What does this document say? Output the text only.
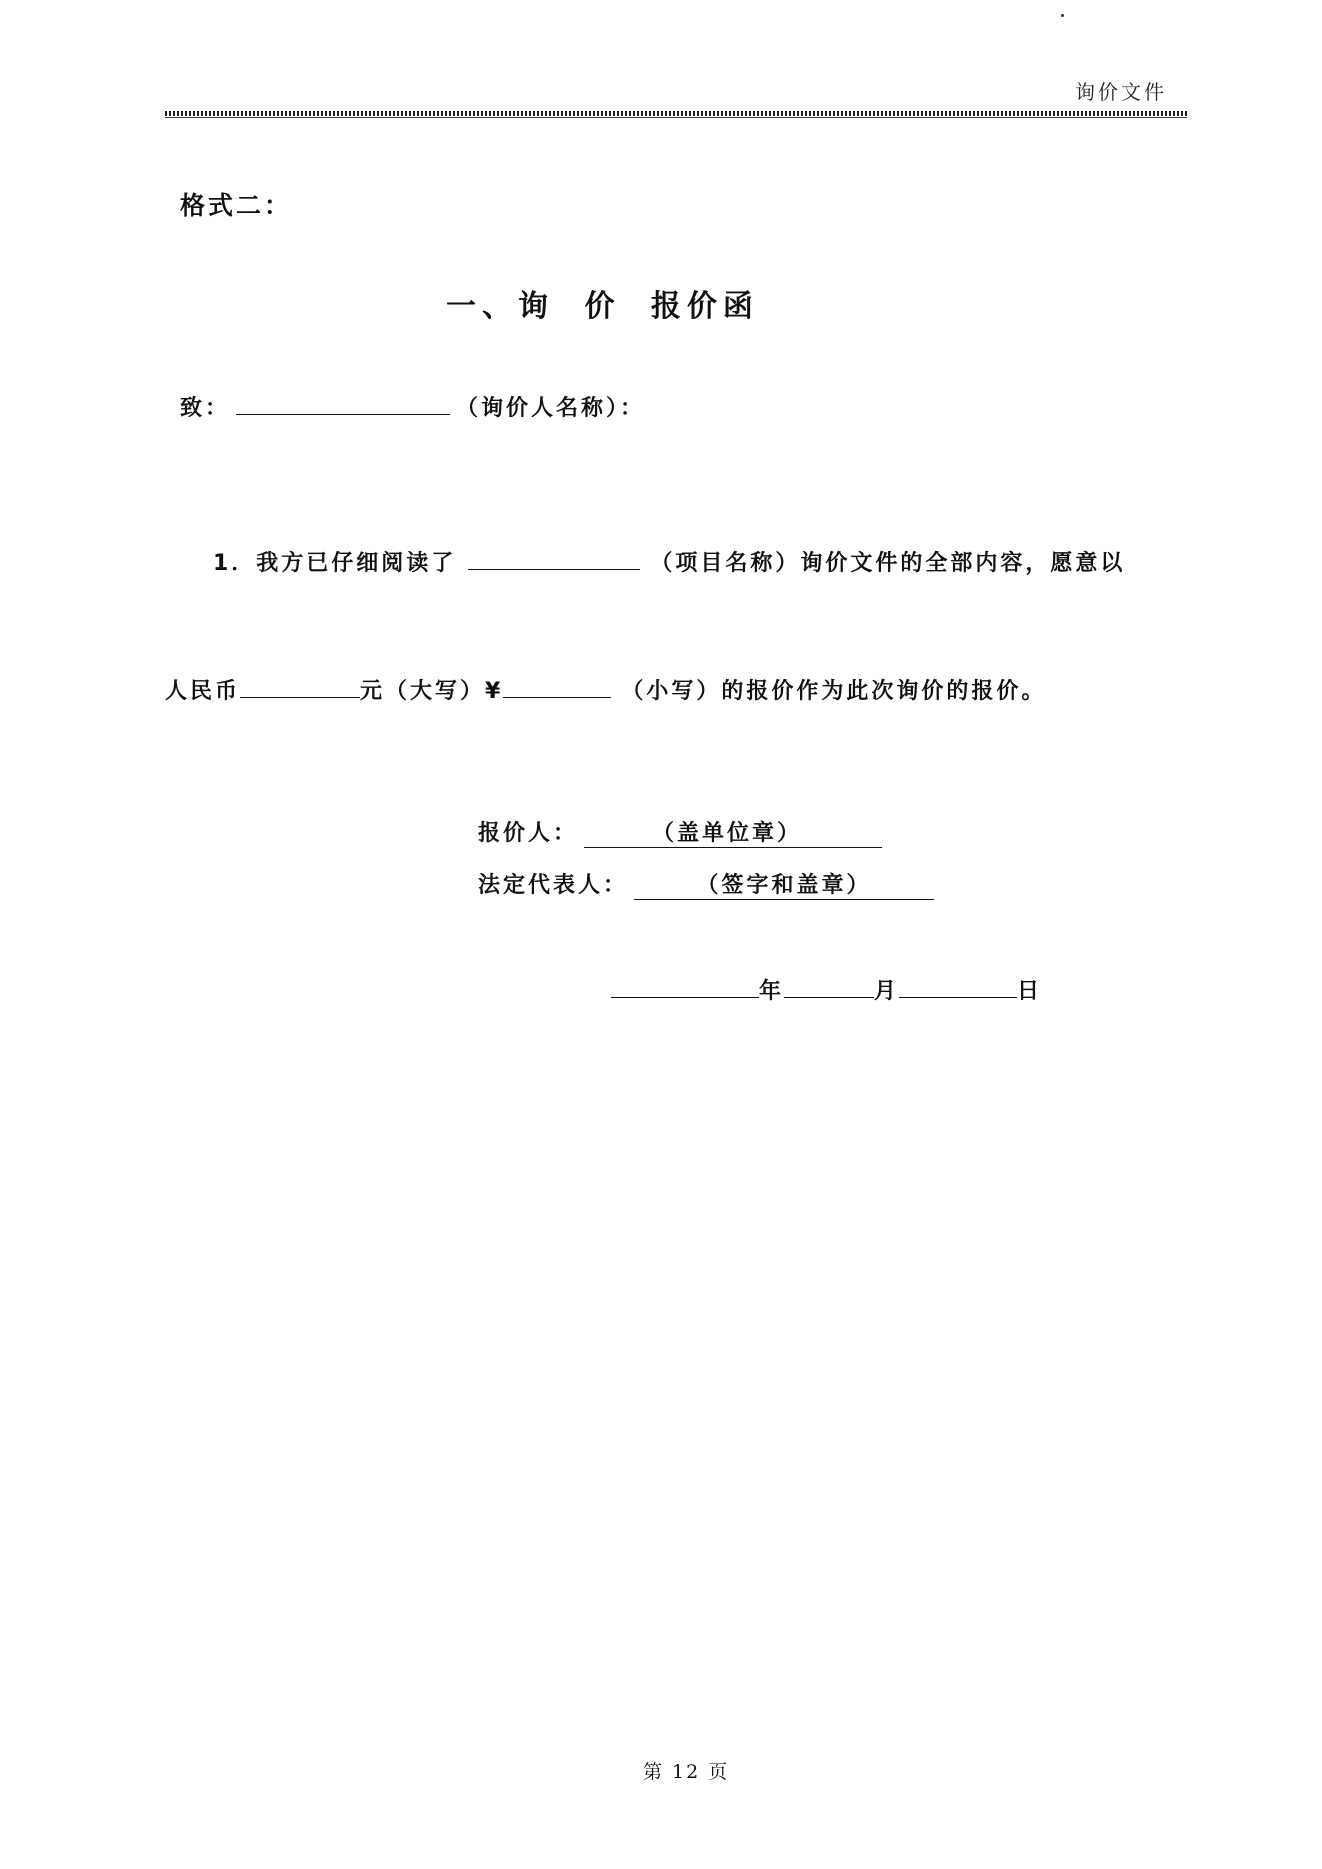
询价文件
格式二：
一、询 价 报价函
致：	（询价人名称）：
1．我方已仔细阅读了	（项目名称）询价文件的全部内容，愿意以
人民币	元（大写）¥	（小写）的报价作为此次询价的报价。
报价人：	（盖单位章）
法定代表人：	（签字和盖章）
年	月	日
第 12 页
